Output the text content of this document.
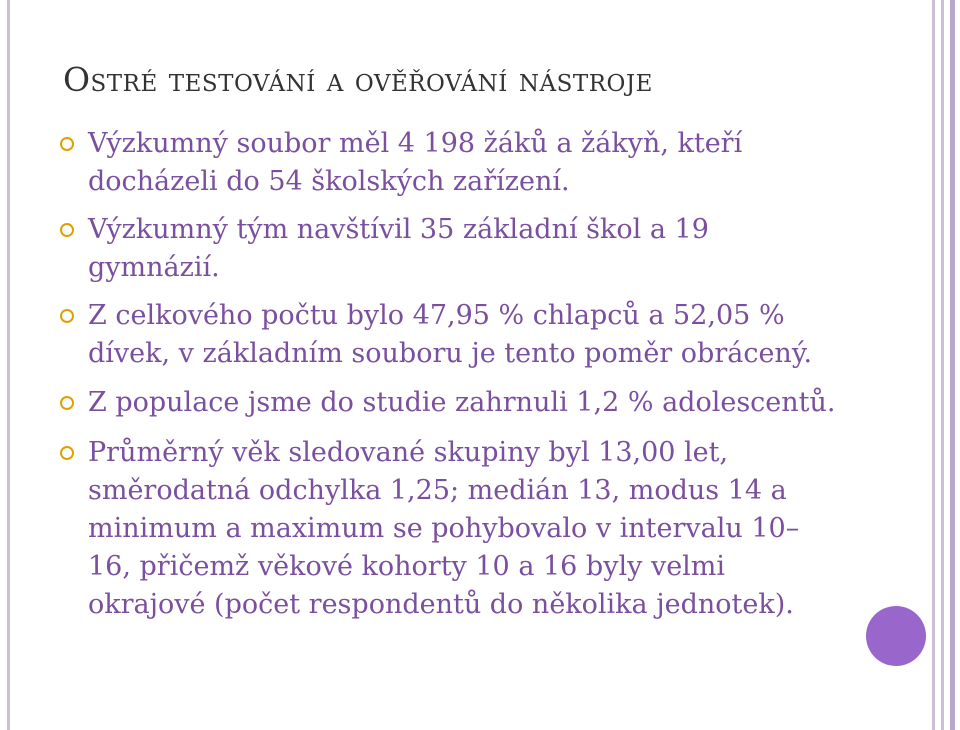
Ostré testování a ověřování nástroje
Výzkumný soubor měl 4 198 žáků a žákyň, kteří
docházeli do 54 školských zařízení.
Výzkumný tým navštívil 35 základní škol a 19
gymnázií.
Z celkového počtu bylo 47,95 % chlapců a 52,05 %
dívek, v základním souboru je tento poměr obrácený.
Z populace jsme do studie zahrnuli 1,2 % adolescentů.
Průměrný věk sledované skupiny byl 13,00 let,
směrodatná odchylka 1,25; medián 13, modus 14 a
minimum a maximum se pohybovalo v intervalu 10–
16, přičemž věkové kohorty 10 a 16 byly velmi
okrajové (počet respondentů do několika jednotek).
